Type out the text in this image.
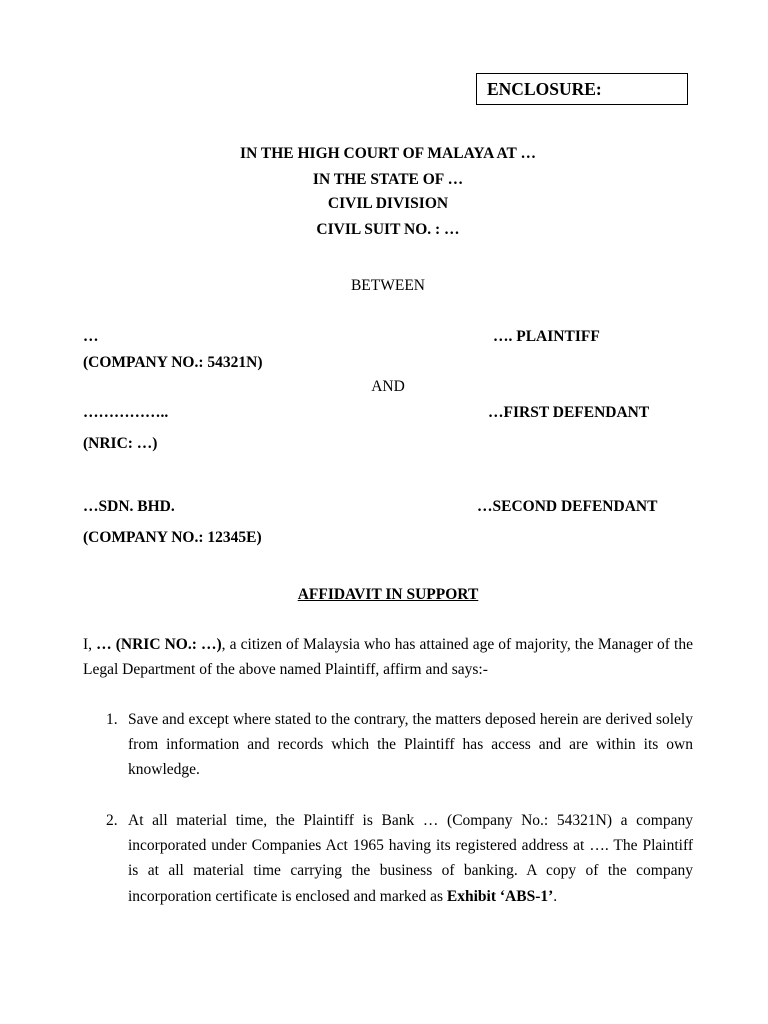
ENCLOSURE:
IN THE HIGH COURT OF MALAYA AT …
IN THE STATE OF …
CIVIL DIVISION
CIVIL SUIT NO. : …
BETWEEN
…	…. PLAINTIFF
(COMPANY NO.: 54321N)
AND
……………..	…FIRST DEFENDANT
(NRIC: …)
…SDN. BHD.	…SECOND DEFENDANT
(COMPANY NO.: 12345E)
AFFIDAVIT IN SUPPORT
I, … (NRIC NO.: …), a citizen of Malaysia who has attained age of majority, the Manager of the
Legal Department of the above named Plaintiff, affirm and says:-
1. Save and except where stated to the contrary, the matters deposed herein are derived solely
from information and records which the Plaintiff has access and are within its own
knowledge.
2. At all material time, the Plaintiff is Bank … (Company No.: 54321N) a company
incorporated under Companies Act 1965 having its registered address at …. The Plaintiff
is at all material time carrying the business of banking. A copy of the company
incorporation certificate is enclosed and marked as Exhibit ‘ABS-1’.
